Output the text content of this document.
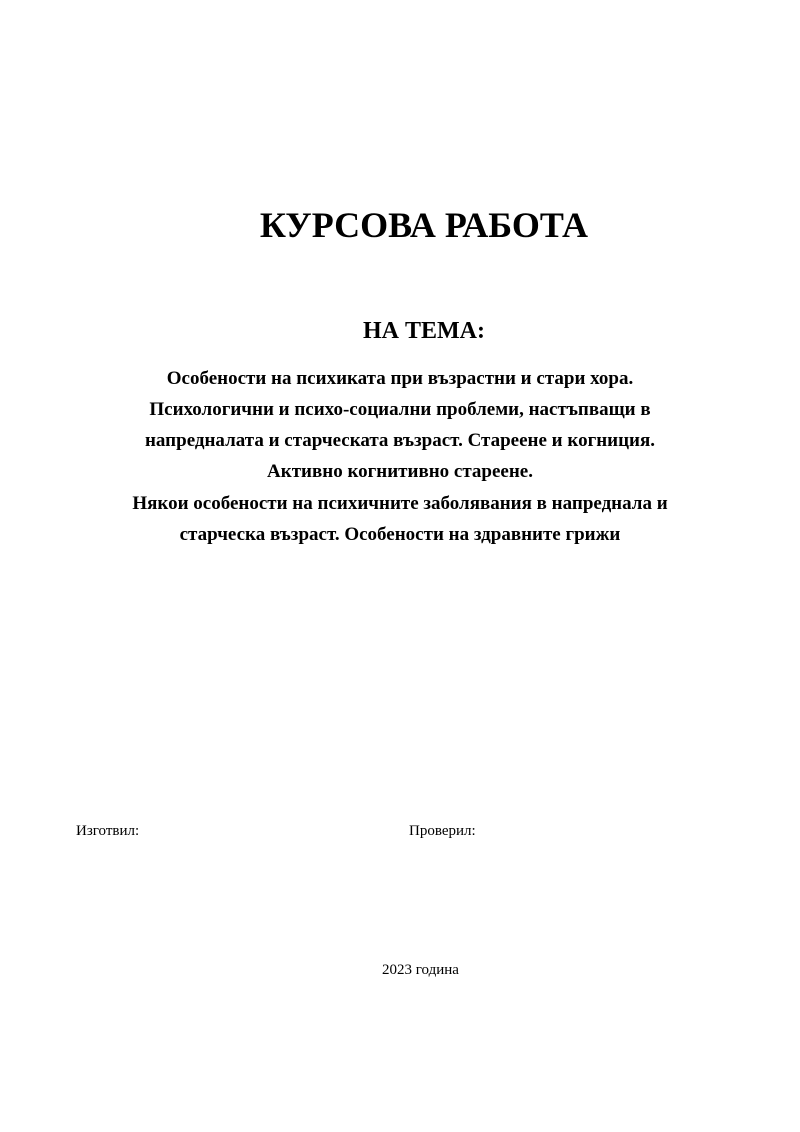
КУРСОВА РАБОТА
НА ТЕМА:
Особености на психиката при възрастни и стари хора.
Психологични и психо-социални проблеми, настъпващи в
напредналата и старческата възраст. Стареене и когниция.
Активно когнитивно стареене.
Някои особености на психичните заболявания в напреднала и
старческа възраст. Особености на здравните грижи

Изготвил:	Проверил:

2023 година
